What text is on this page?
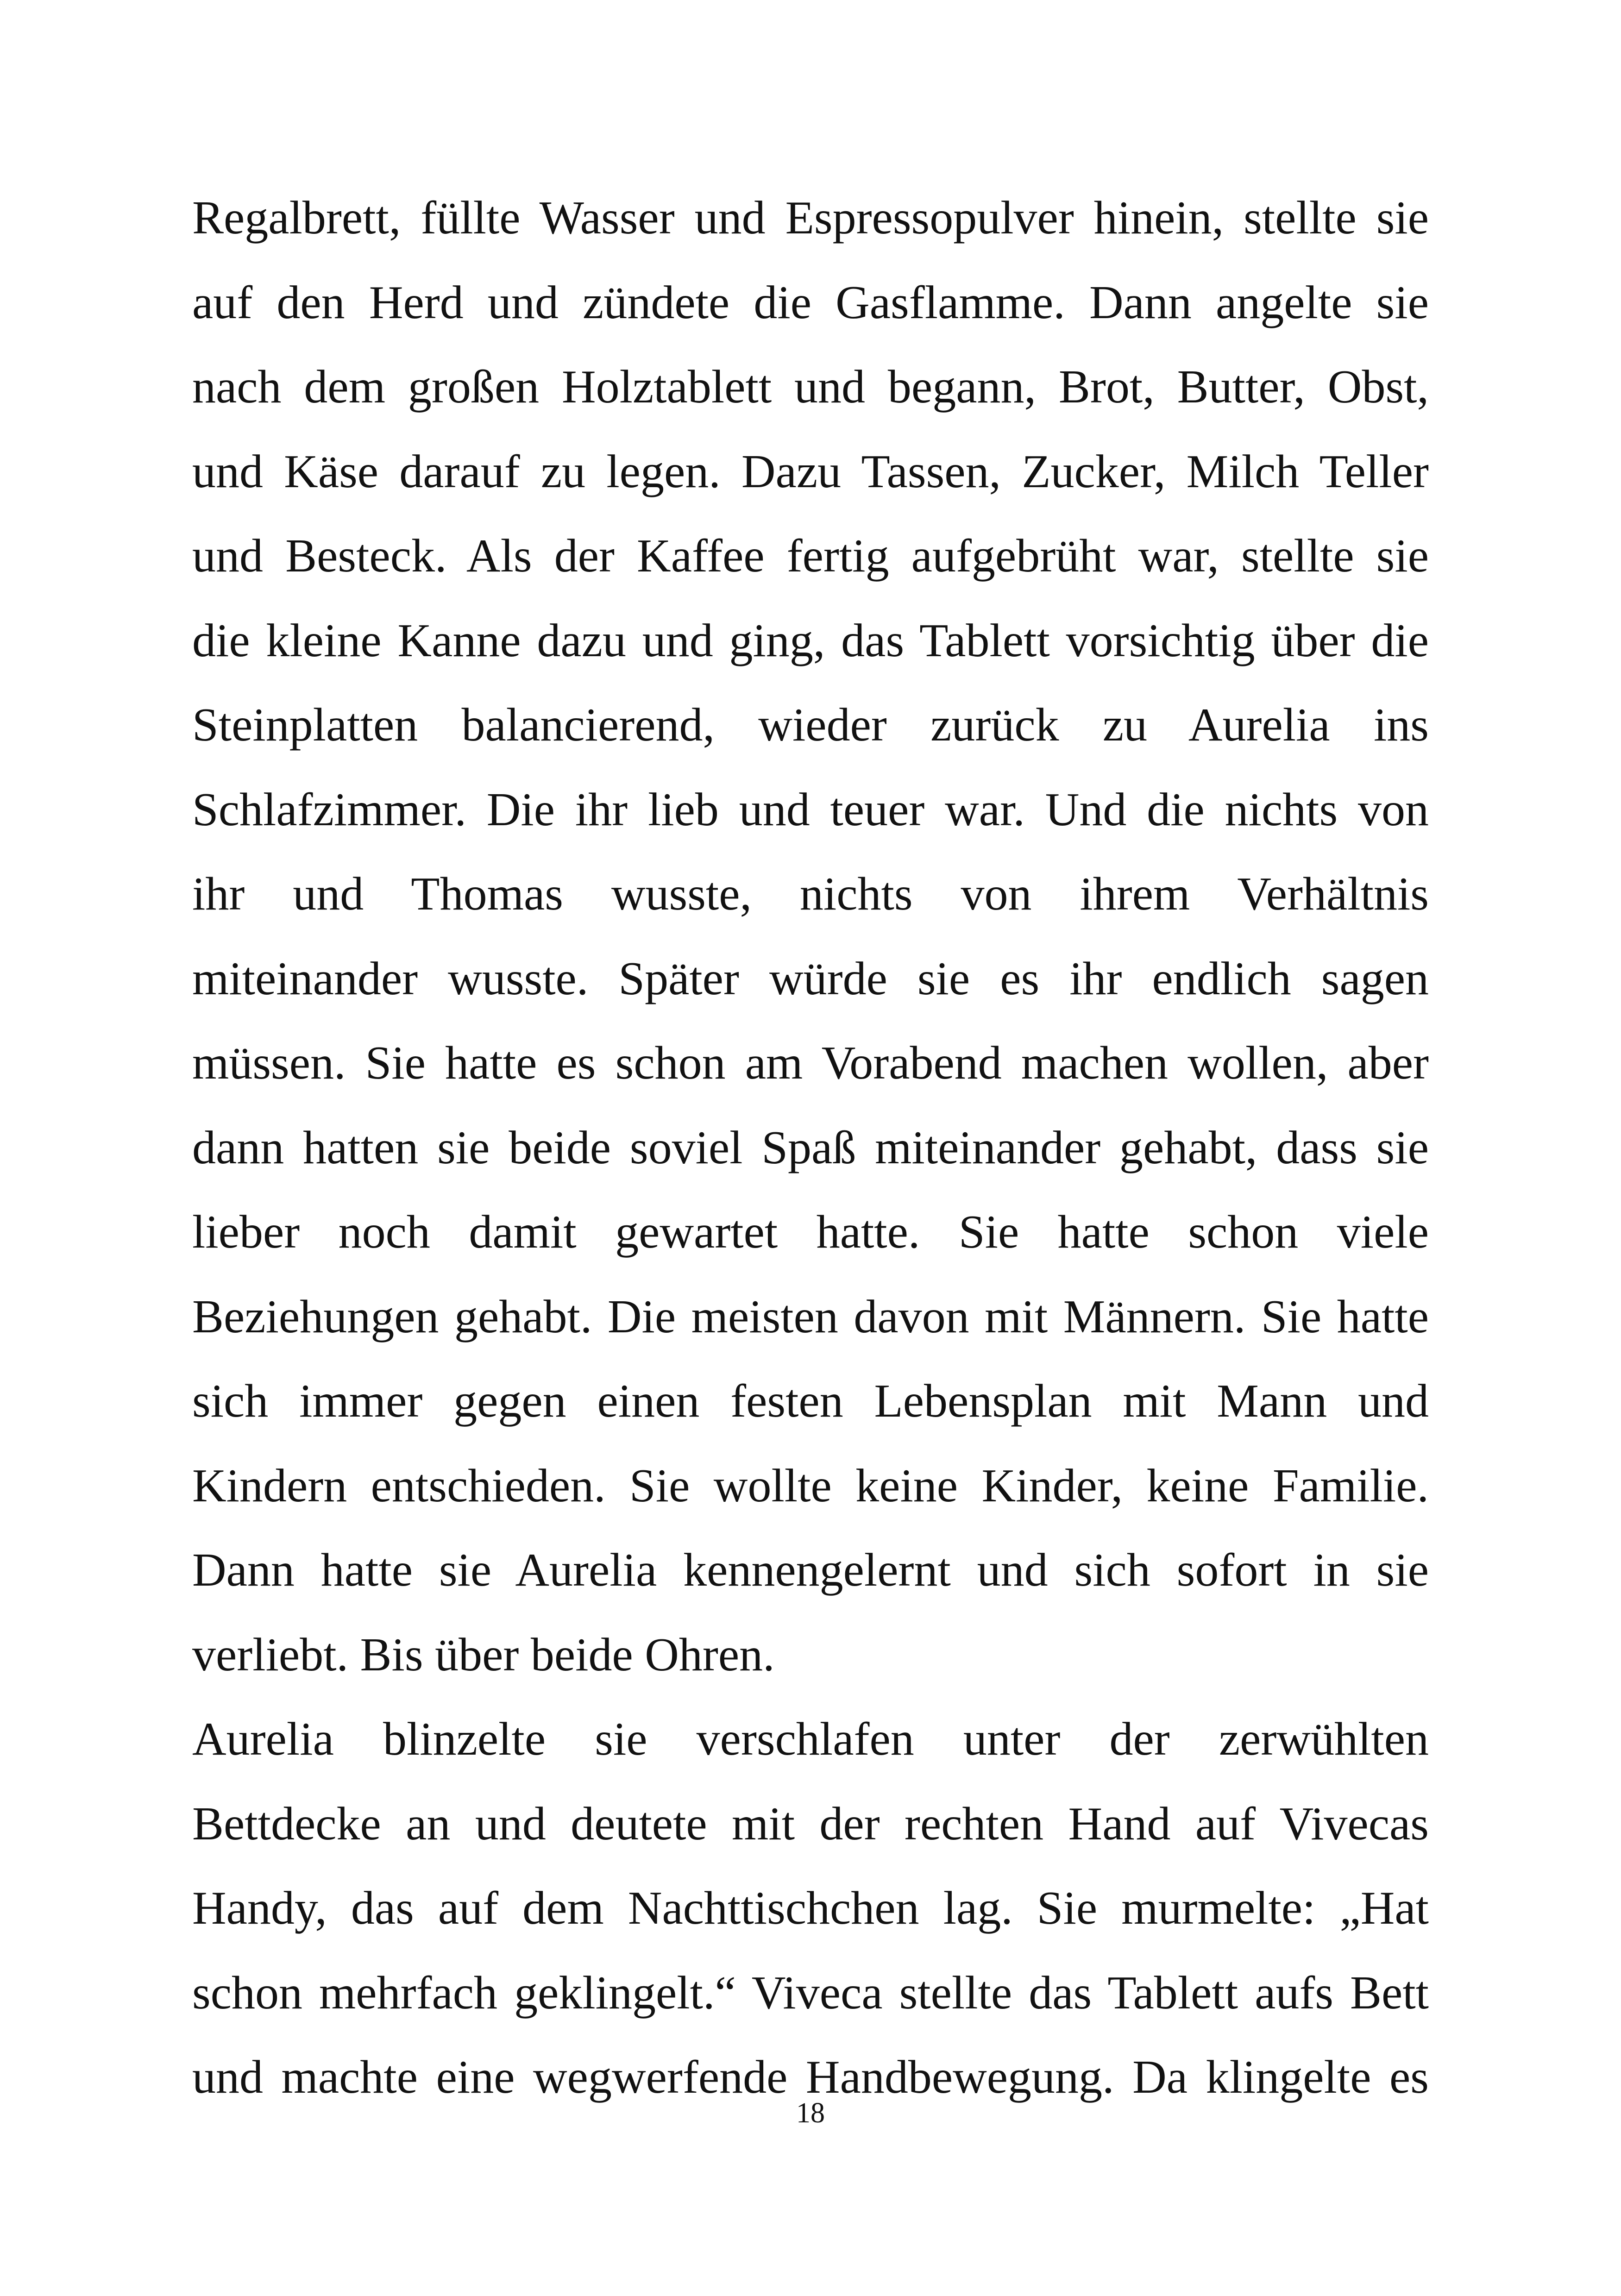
Regalbrett, füllte Wasser und Espressopulver hinein, stellte sie
auf den Herd und zündete die Gasflamme. Dann angelte sie
nach dem großen Holztablett und begann, Brot, Butter, Obst,
und Käse darauf zu legen. Dazu Tassen, Zucker, Milch Teller
und Besteck. Als der Kaffee fertig aufgebrüht war, stellte sie
die kleine Kanne dazu und ging, das Tablett vorsichtig über die
Steinplatten balancierend, wieder zurück zu Aurelia ins
Schlafzimmer. Die ihr lieb und teuer war. Und die nichts von
ihr und Thomas wusste, nichts von ihrem Verhältnis
miteinander wusste. Später würde sie es ihr endlich sagen
müssen. Sie hatte es schon am Vorabend machen wollen, aber
dann hatten sie beide soviel Spaß miteinander gehabt, dass sie
lieber noch damit gewartet hatte. Sie hatte schon viele
Beziehungen gehabt. Die meisten davon mit Männern. Sie hatte
sich immer gegen einen festen Lebensplan mit Mann und
Kindern entschieden. Sie wollte keine Kinder, keine Familie.
Dann hatte sie Aurelia kennengelernt und sich sofort in sie
verliebt. Bis über beide Ohren.
Aurelia blinzelte sie verschlafen unter der zerwühlten
Bettdecke an und deutete mit der rechten Hand auf Vivecas
Handy, das auf dem Nachttischchen lag. Sie murmelte: „Hat
schon mehrfach geklingelt.“ Viveca stellte das Tablett aufs Bett
und machte eine wegwerfende Handbewegung. Da klingelte es
18
